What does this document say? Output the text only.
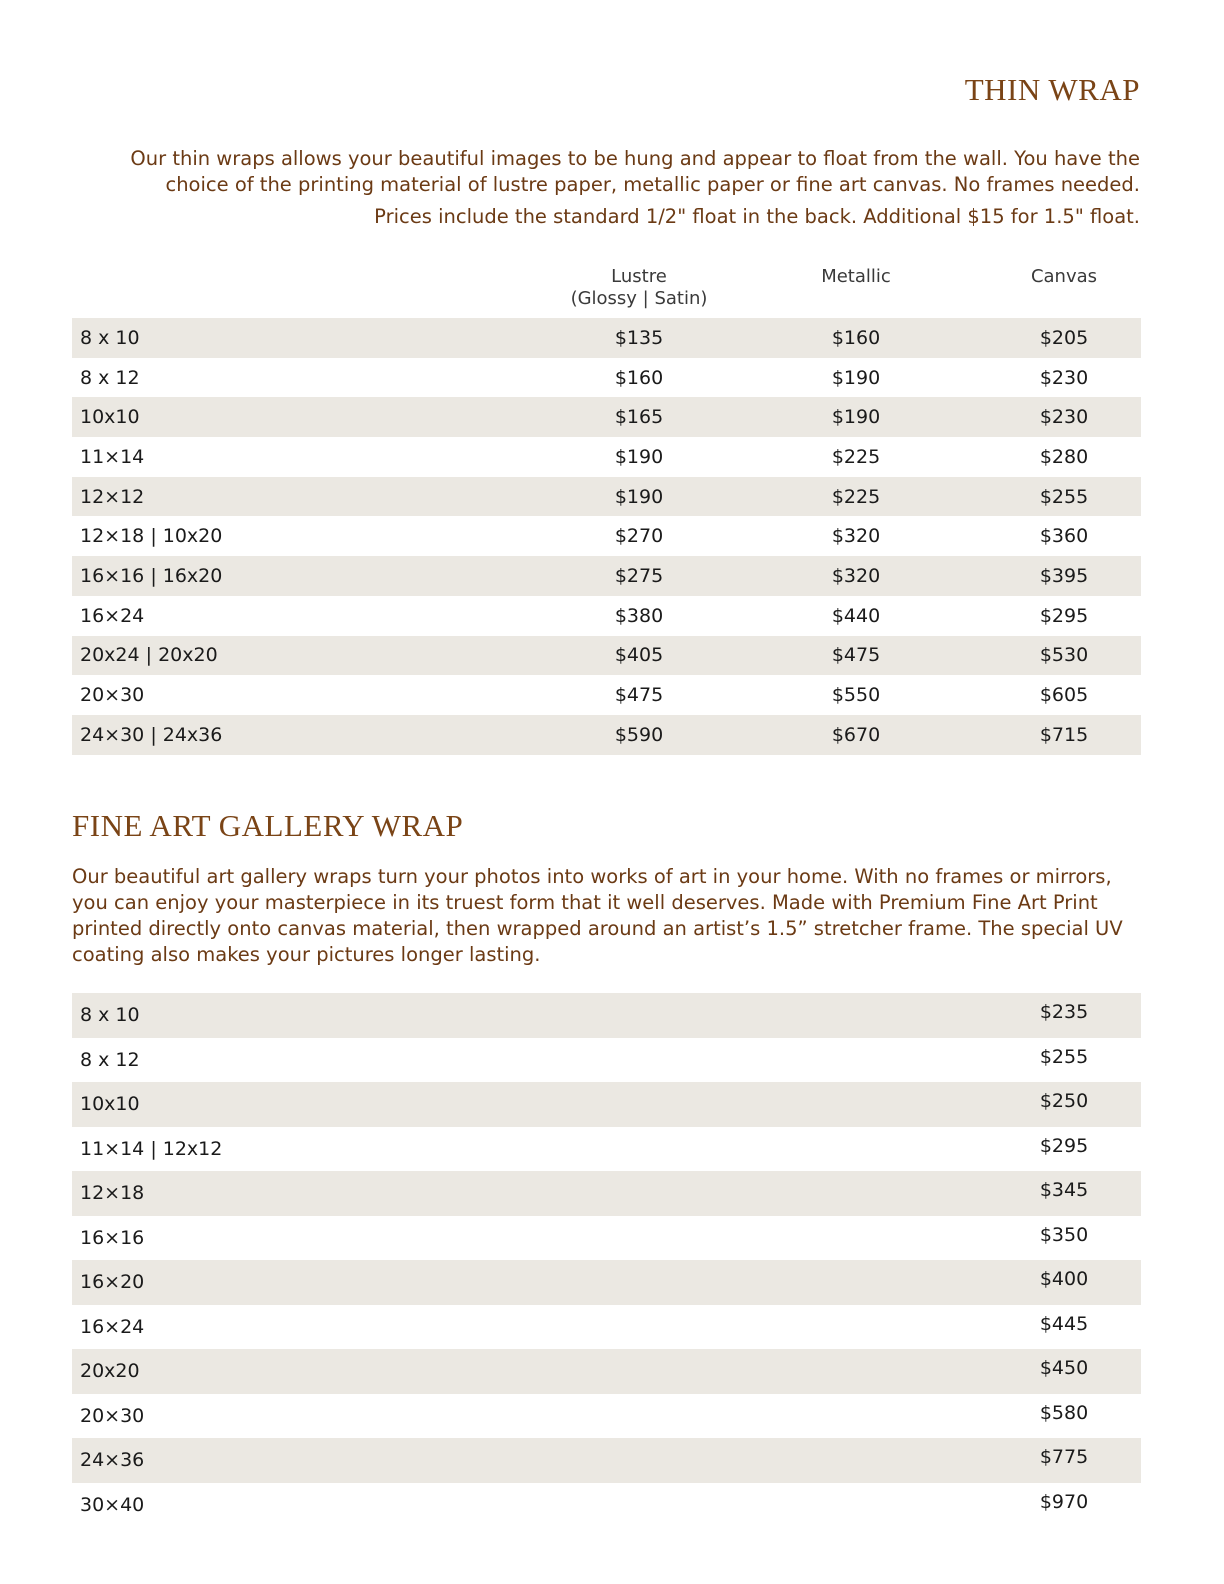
THIN WRAP

Our thin wraps allows your beautiful images to be hung and appear to float from the wall. You have the choice of the printing material of lustre paper, metallic paper or fine art canvas. No frames needed.

Prices include the standard 1/2" float in the back. Additional $15 for 1.5" float.

Lustre
(Glossy | Satin)
Metallic	Canvas
8 x 10	$135	$160	$205
8 x 12	$160	$190	$230
10x10	$165	$190	$230
11×14	$190	$225	$280
12×12	$190	$225	$255
12×18 | 10x20	$270	$320	$360
16×16 | 16x20	$275	$320	$395
16×24	$380	$440	$295
20x24 | 20x20	$405	$475	$530
20×30	$475	$550	$605
24×30 | 24x36	$590	$670	$715
FINE ART GALLERY WRAP

Our beautiful art gallery wraps turn your photos into works of art in your home. With no frames or mirrors, you can enjoy your masterpiece in its truest form that it well deserves. Made with Premium Fine Art Print printed directly onto canvas material, then wrapped around an artist’s 1.5” stretcher frame. The special UV coating also makes your pictures longer lasting.

8 x 10	$235
8 x 12	$255
10x10	$250
11×14 | 12x12	$295
12×18	$345
16×16	$350
16×20	$400
16×24	$445
20x20	$450
20×30	$580
24×36	$775
30×40	$970
